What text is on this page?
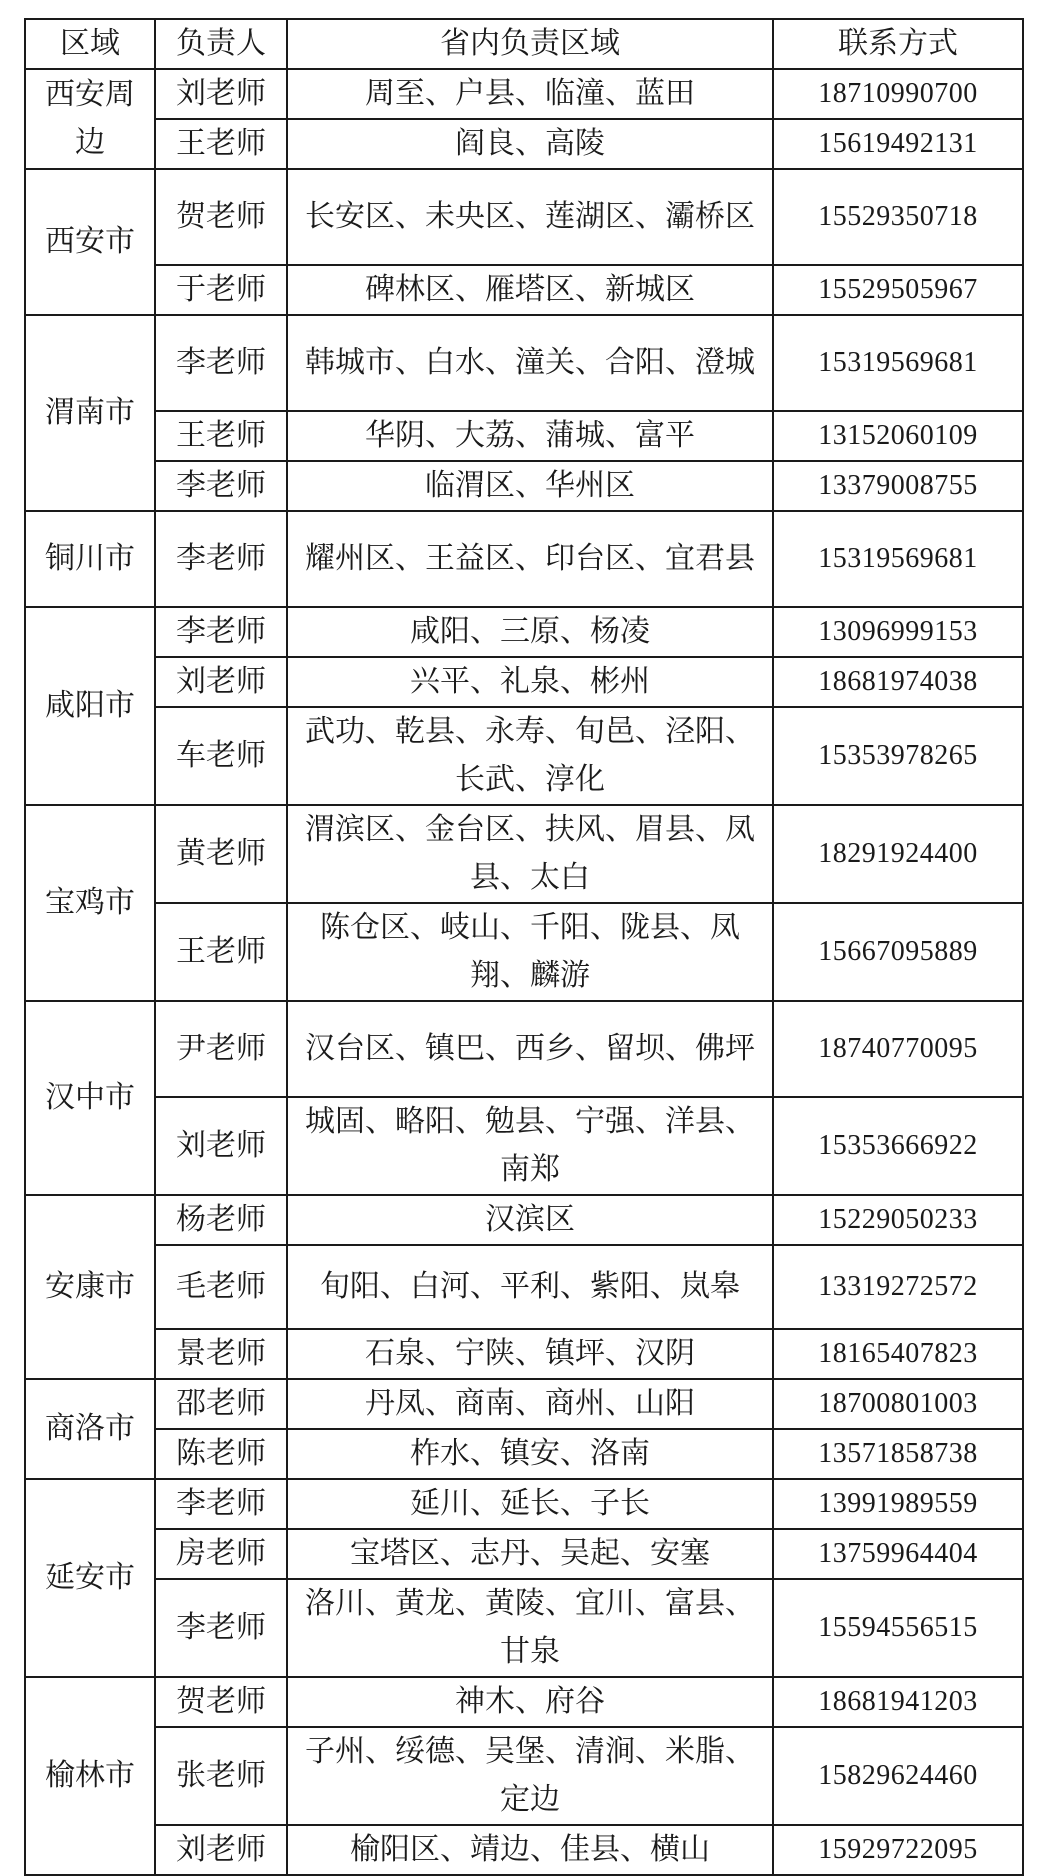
区域	负责人	省内负责区域	联系方式
西安周边	刘老师	周至、户县、临潼、蓝田	18710990700
	王老师	阎良、高陵	15619492131
西安市	贺老师	长安区、未央区、莲湖区、灞桥区	15529350718
	于老师	碑林区、雁塔区、新城区	15529505967
渭南市	李老师	韩城市、白水、潼关、合阳、澄城	15319569681
	王老师	华阴、大荔、蒲城、富平	13152060109
	李老师	临渭区、华州区	13379008755
铜川市	李老师	耀州区、王益区、印台区、宜君县	15319569681
咸阳市	李老师	咸阳、三原、杨凌	13096999153
	刘老师	兴平、礼泉、彬州	18681974038
	车老师	武功、乾县、永寿、旬邑、泾阳、长武、淳化	15353978265
宝鸡市	黄老师	渭滨区、金台区、扶风、眉县、凤县、太白	18291924400
	王老师	陈仓区、岐山、千阳、陇县、凤翔、麟游	15667095889
汉中市	尹老师	汉台区、镇巴、西乡、留坝、佛坪	18740770095
	刘老师	城固、略阳、勉县、宁强、洋县、南郑	15353666922
安康市	杨老师	汉滨区	15229050233
	毛老师	旬阳、白河、平利、紫阳、岚皋	13319272572
	景老师	石泉、宁陕、镇坪、汉阴	18165407823
商洛市	邵老师	丹凤、商南、商州、山阳	18700801003
	陈老师	柞水、镇安、洛南	13571858738
延安市	李老师	延川、延长、子长	13991989559
	房老师	宝塔区、志丹、吴起、安塞	13759964404
	李老师	洛川、黄龙、黄陵、宜川、富县、甘泉	15594556515
榆林市	贺老师	神木、府谷	18681941203
	张老师	子州、绥德、吴堡、清涧、米脂、定边	15829624460
	刘老师	榆阳区、靖边、佳县、横山	15929722095
